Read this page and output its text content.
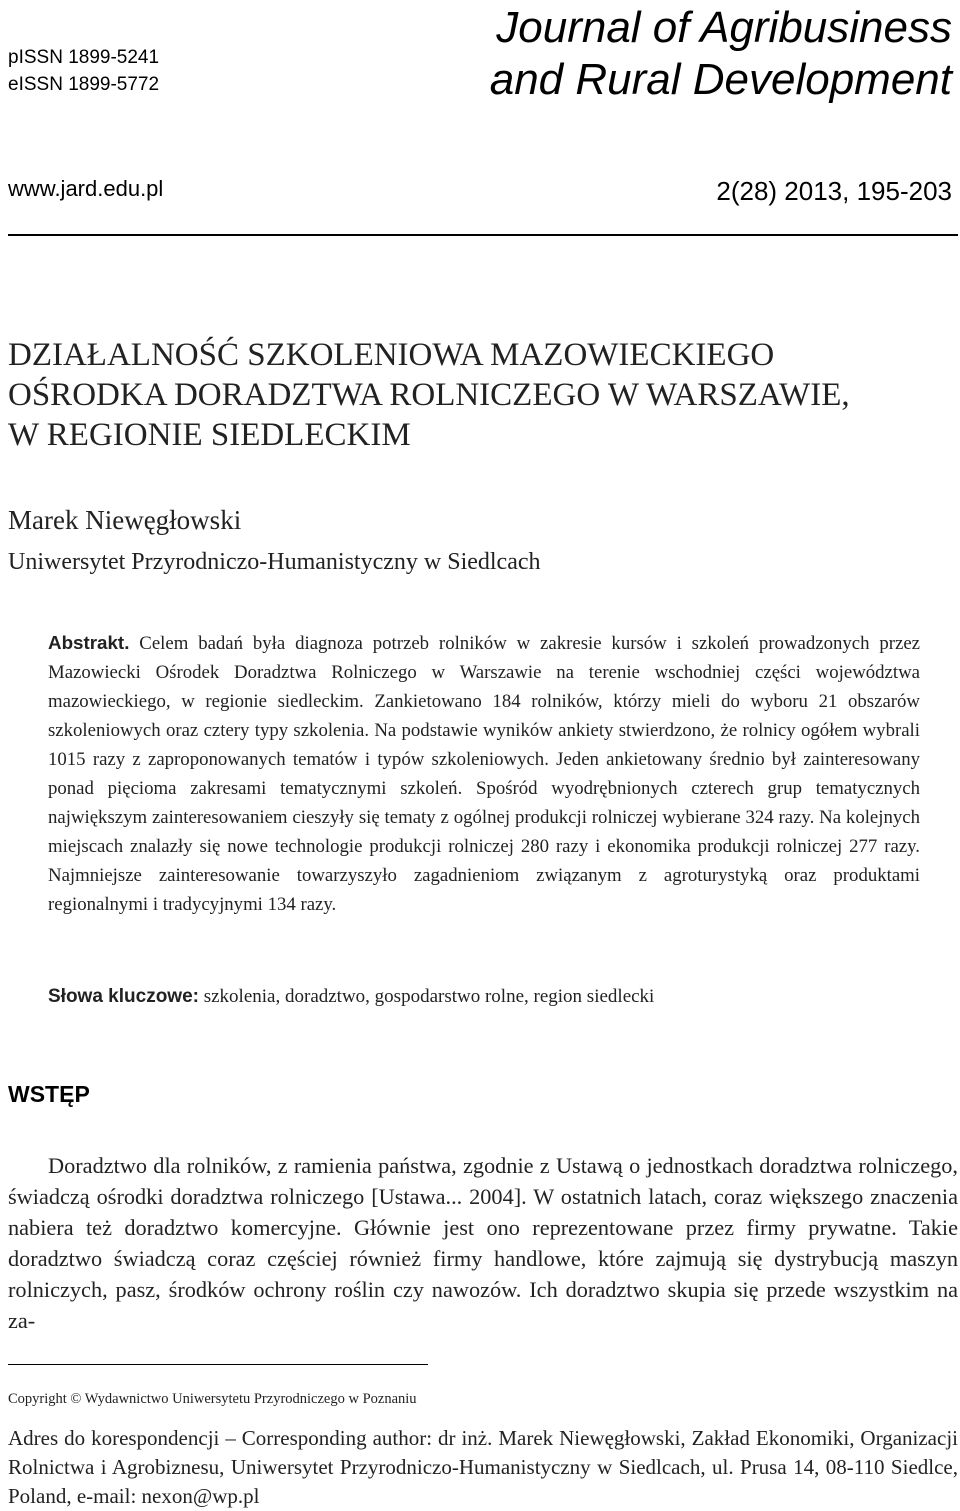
pISSN 1899-5241
eISSN 1899-5772
Journal of Agribusiness
and Rural Development
www.jard.edu.pl	2(28) 2013, 195-203
DZIAŁALNOŚĆ SZKOLENIOWA MAZOWIECKIEGO
OŚRODKA DORADZTWA ROLNICZEGO W WARSZAWIE,
W REGIONIE SIEDLECKIM
Marek Niewęgłowski
Uniwersytet Przyrodniczo-Humanistyczny w Siedlcach
Abstrakt. Celem badań była diagnoza potrzeb rolników w zakresie kursów i szkoleń prowadzonych przez Mazowiecki Ośrodek Doradztwa Rolniczego w Warszawie na terenie wschodniej części województwa mazowieckiego, w regionie siedleckim. Zankietowano 184 rolników, którzy mieli do wyboru 21 obszarów szkoleniowych oraz cztery typy szkolenia. Na podstawie wyników ankiety stwierdzono, że rolnicy ogółem wybrali 1015 razy z zaproponowanych tematów i typów szkoleniowych. Jeden ankietowany średnio był zainteresowany ponad pięcioma zakresami tematycznymi szkoleń. Spośród wyodrębnionych czterech grup tematycznych największym zainteresowaniem cieszyły się tematy z ogólnej produkcji rolniczej wybierane 324 razy. Na kolejnych miejscach znalazły się nowe technologie produkcji rolniczej 280 razy i ekonomika produkcji rolniczej 277 razy. Najmniejsze zainteresowanie towarzyszyło zagadnieniom związanym z agroturystyką oraz produktami regionalnymi i tradycyjnymi 134 razy.
Słowa kluczowe: szkolenia, doradztwo, gospodarstwo rolne, region siedlecki
WSTĘP
Doradztwo dla rolników, z ramienia państwa, zgodnie z Ustawą o jednostkach doradztwa rolniczego, świadczą ośrodki doradztwa rolniczego [Ustawa... 2004]. W ostatnich latach, coraz większego znaczenia nabiera też doradztwo komercyjne. Głównie jest ono reprezentowane przez firmy prywatne. Takie doradztwo świadczą coraz częściej również firmy handlowe, które zajmują się dystrybucją maszyn rolniczych, pasz, środków ochrony roślin czy nawozów. Ich doradztwo skupia się przede wszystkim na za-
Copyright © Wydawnictwo Uniwersytetu Przyrodniczego w Poznaniu
Adres do korespondencji – Corresponding author: dr inż. Marek Niewęgłowski, Zakład Ekonomiki, Organizacji Rolnictwa i Agrobiznesu, Uniwersytet Przyrodniczo-Humanistyczny w Siedlcach, ul. Prusa 14, 08-110 Siedlce, Poland, e-mail: nexon@wp.pl
